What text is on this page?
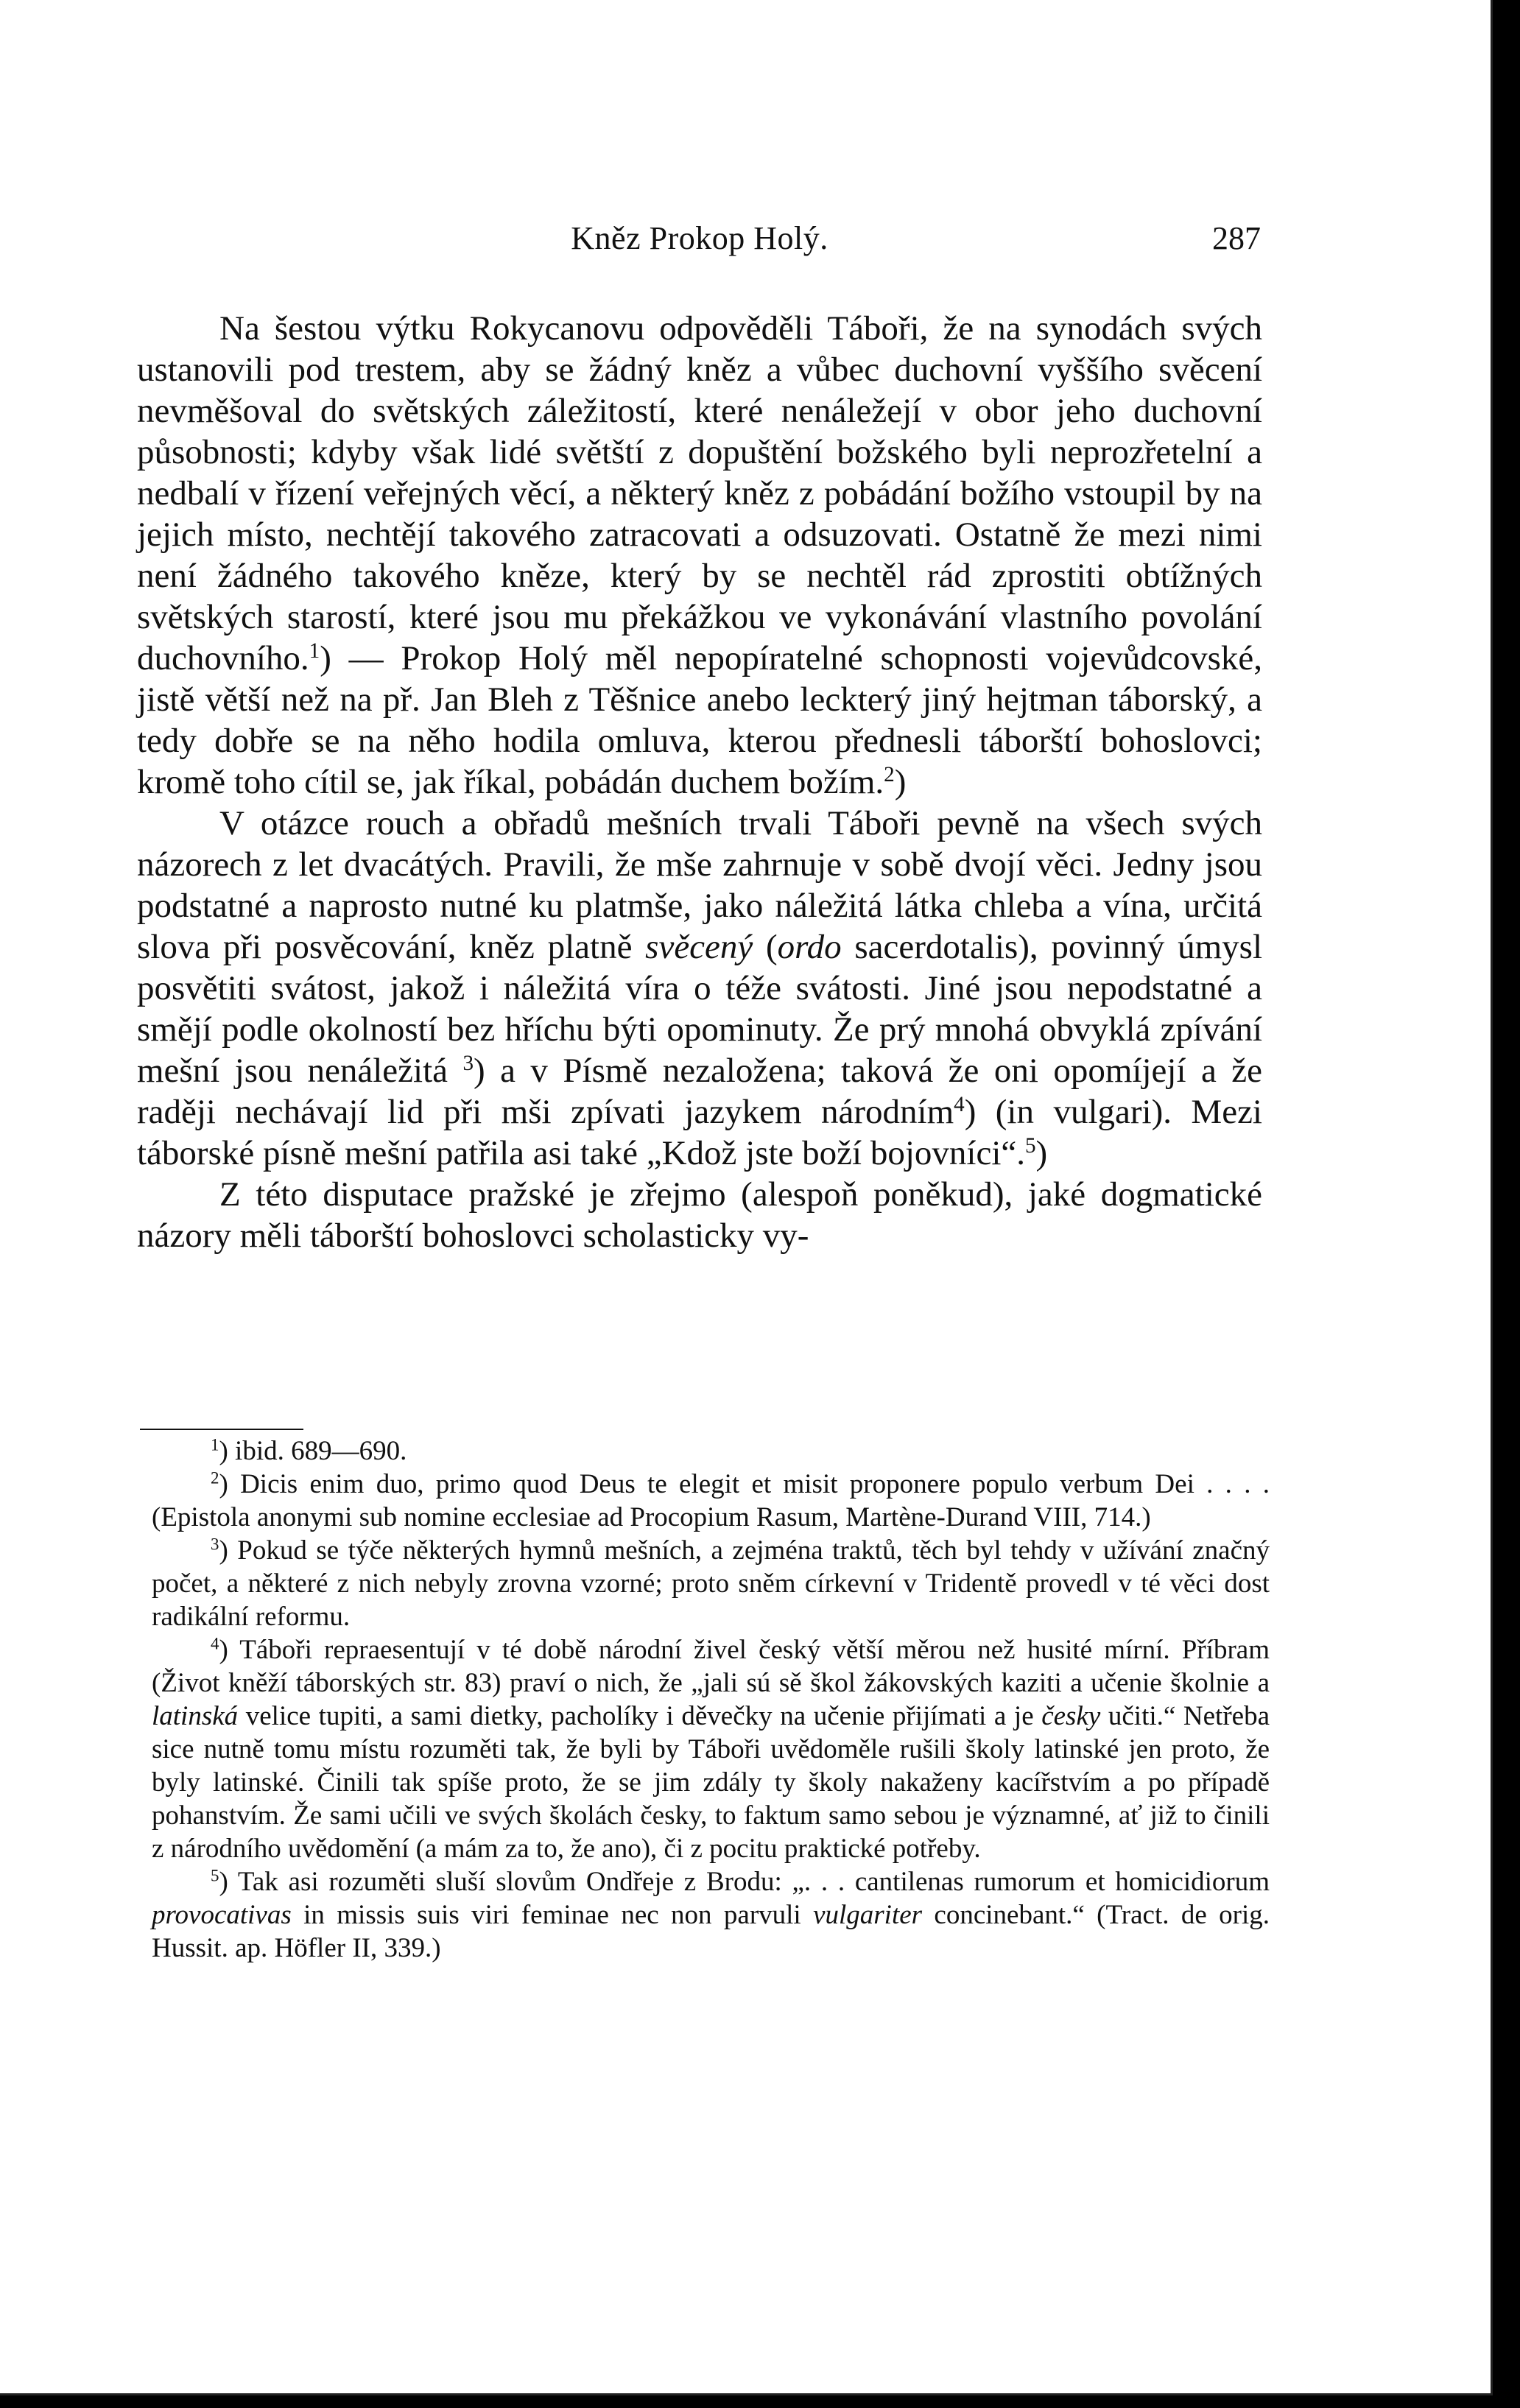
Kněz Prokop Holý.	287

Na šestou výtku Rokycanovu odpověděli Táboři, že na synodách svých ustanovili pod trestem, aby se žádný kněz a vůbec duchovní vyššího svěcení nevměšoval do světských záležitostí, které nenáležejí v obor jeho duchovní působnosti; kdyby však lidé světští z dopuštění božského byli neprozřetelní a nedbalí v řízení veřejných věcí, a některý kněz z pobádání božího vstoupil by na jejich místo, nechtějí takového zatracovati a odsuzovati. Ostatně že mezi nimi není žádného takového kněze, který by se nechtěl rád zprostiti obtížných světských starostí, které jsou mu překážkou ve vykonávání vlastního povolání duchovního.$^1$) — Prokop Holý měl nepopíratelné schopnosti vojevůdcovské, jistě větší než na př. Jan Bleh z Těšnice anebo leckterý jiný hejtman táborský, a tedy dobře se na něho hodila omluva, kterou přednesli táborští bohoslovci; kromě toho cítil se, jak říkal, pobádán duchem božím.$^2$)

V otázce rouch a obřadů mešních trvali Táboři pevně na všech svých názorech z let dvacátých. Pravili, že mše zahrnuje v sobě dvojí věci. Jedny jsou podstatné a naprosto nutné ku platmše, jako náležitá látka chleba a vína, určitá slova při posvěcování, kněz platně svěcený (ordo sacerdotalis), povinný úmysl posvětiti svátost, jakož i náležitá víra o téže svátosti. Jiné jsou nepodstatné a smějí podle okolností bez hříchu býti opominuty. Že prý mnohá obvyklá zpívání mešní jsou nenáležitá $^3$) a v Písmě nezaložena; taková že oni opomíjejí a že raději nechávají lid při mši zpívati jazykem národním$^4$) (in vulgari). Mezi táborské písně mešní patřila asi také „Kdož jste boží bojovníci“.$^5$)

Z této disputace pražské je zřejmo (alespoň poněkud), jaké dogmatické názory měli táborští bohoslovci scholasticky vy-

$^1$) ibid. 689—690.

$^2$) Dicis enim duo, primo quod Deus te elegit et misit proponere populo verbum Dei . . . . (Epistola anonymi sub nomine ecclesiae ad Procopium Rasum, Martène-Durand VIII, 714.)

$^3$) Pokud se týče některých hymnů mešních, a zejména traktů, těch byl tehdy v užívání značný počet, a některé z nich nebyly zrovna vzorné; proto sněm církevní v Tridentě provedl v té věci dost radikální reformu.

$^4$) Táboři repraesentují v té době národní živel český větší měrou než husité mírní. Příbram (Život kněží táborských str. 83) praví o nich, že „jali sú sě škol žákovských kaziti a učenie školnie a latinská velice tupiti, a sami dietky, pacholíky i děvečky na učenie přijímati a je česky učiti.“ Netřeba sice nutně tomu místu rozuměti tak, že byli by Táboři uvědoměle rušili školy latinské jen proto, že byly latinské. Činili tak spíše proto, že se jim zdály ty školy nakaženy kacířstvím a po případě pohanstvím. Že sami učili ve svých školách česky, to faktum samo sebou je významné, ať již to činili z národního uvědomění (a mám za to, že ano), či z pocitu praktické potřeby.

$^5$) Tak asi rozuměti sluší slovům Ondřeje z Brodu: „. . . cantilenas rumorum et homicidiorum provocativas in missis suis viri feminae nec non parvuli vulgariter concinebant.“ (Tract. de orig. Hussit. ap. Höfler II, 339.)
